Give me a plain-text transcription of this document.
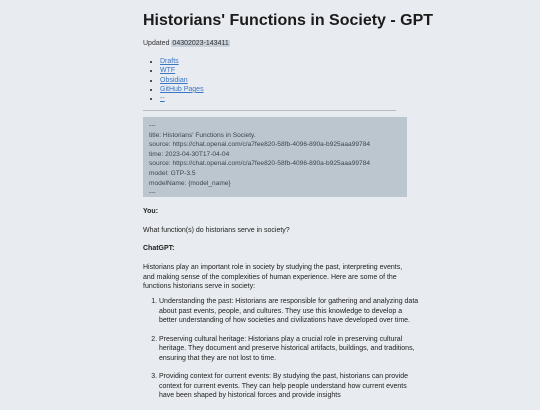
Historians' Functions in Society - GPT
Updated 04302023-143411
• Drafts
• WTF
• Obsidian
• GitHub Pages
• --
---
title: Historians' Functions in Society.
source: https://chat.openai.com/c/a7fee820-58fb-4096-890a-b925aaa99784
time: 2023-04-30T17-04-04
source: https://chat.openai.com/c/a7fee820-58fb-4096-890a-b925aaa99784
model: GTP-3.5
modelName: {model_name}
---
You:
What function(s) do historians serve in society?
ChatGPT:
Historians play an important role in society by studying the past, interpreting events, and making sense of the complexities of human experience. Here are some of the functions historians serve in society:
1. Understanding the past: Historians are responsible for gathering and analyzing data about past events, people, and cultures. They use this knowledge to develop a better understanding of how societies and civilizations have developed over time.
2. Preserving cultural heritage: Historians play a crucial role in preserving cultural heritage. They document and preserve historical artifacts, buildings, and traditions, ensuring that they are not lost to time.
3. Providing context for current events: By studying the past, historians can provide context for current events. They can help people understand how current events have been shaped by historical forces and provide insights
